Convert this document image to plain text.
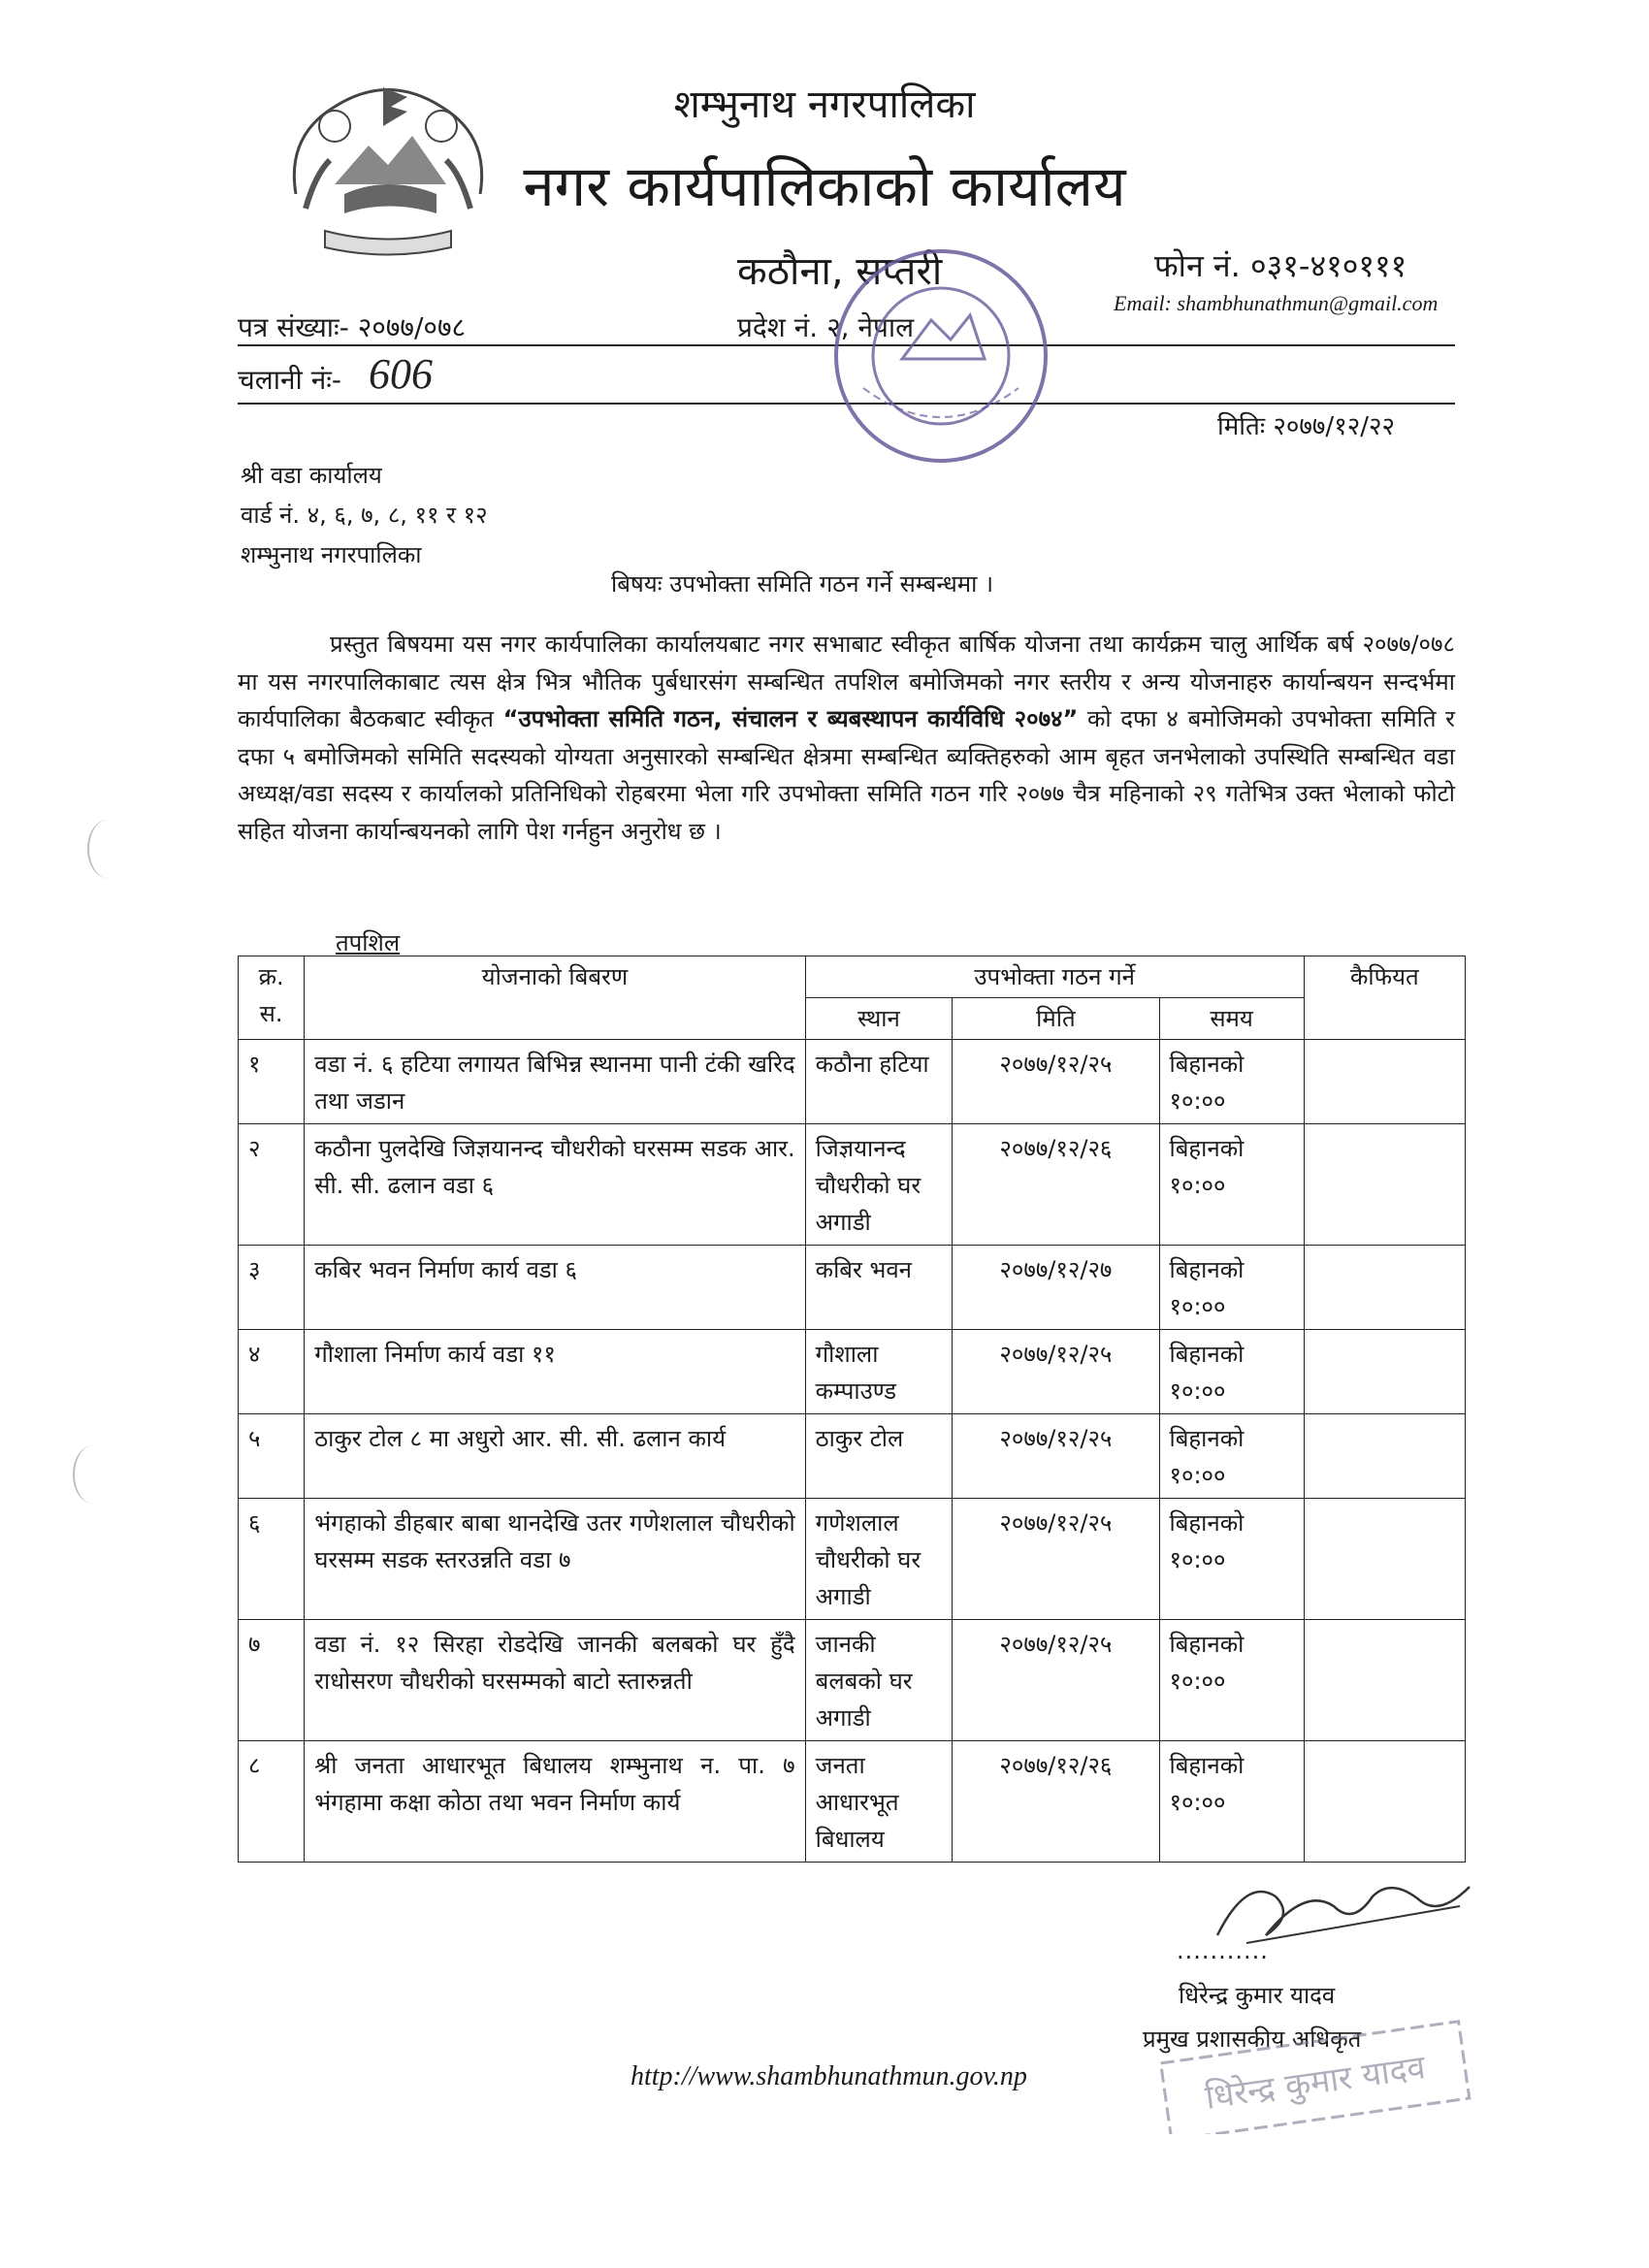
शम्भुनाथ नगरपालिका
नगर कार्यपालिकाको कार्यालय
कठौना, सप्तरी	फोन नं. ०३१-४१०१११
Email: shambhunathmun@gmail.com
पत्र संख्याः- २०७७/०७८	प्रदेश नं. २, नेपाल
चलानी नंः- 606
मितिः २०७७/१२/२२
श्री वडा कार्यालय
वार्ड नं. ४, ६, ७, ८, ११ र १२
शम्भुनाथ नगरपालिका
बिषयः उपभोक्ता समिति गठन गर्ने सम्बन्धमा ।
प्रस्तुत बिषयमा यस नगर कार्यपालिका कार्यालयबाट नगर सभाबाट स्वीकृत बार्षिक योजना तथा कार्यक्रम चालु आर्थिक बर्ष २०७७/०७८ मा यस नगरपालिकाबाट त्यस क्षेत्र भित्र भौतिक पुर्बधारसंग सम्बन्धित तपशिल बमोजिमको नगर स्तरीय र अन्य योजनाहरु कार्यान्बयन सन्दर्भमा कार्यपालिका बैठकबाट स्वीकृत “उपभोक्ता समिति गठन, संचालन र ब्यबस्थापन कार्यविधि २०७४” को दफा ४ बमोजिमको उपभोक्ता समिति र दफा ५ बमोजिमको समिति सदस्यको योग्यता अनुसारको सम्बन्धित क्षेत्रमा सम्बन्धित ब्यक्तिहरुको आम बृहत जनभेलाको उपस्थिति सम्बन्धित वडा अध्यक्ष/वडा सदस्य र कार्यालको प्रतिनिधिको रोहबरमा भेला गरि उपभोक्ता समिति गठन गरि २०७७ चैत्र महिनाको २९ गतेभित्र उक्त भेलाको फोटो सहित योजना कार्यान्बयनको लागि पेश गर्नहुन अनुरोध छ ।
तपशिल
क्र. स.	योजनाको बिबरण	उपभोक्ता गठन गर्ने			कैफियत
		स्थान	मिति	समय	
१	वडा नं. ६ हटिया लगायत बिभिन्न स्थानमा पानी टंकी खरिद तथा जडान	कठौना हटिया	२०७७/१२/२५	बिहानको १०:००	
२	कठौना पुलदेखि जिज्ञयानन्द चौधरीको घरसम्म सडक आर. सी. सी. ढलान वडा ६	जिज्ञयानन्द चौधरीको घर अगाडी	२०७७/१२/२६	बिहानको १०:००	
३	कबिर भवन निर्माण कार्य वडा ६	कबिर भवन	२०७७/१२/२७	बिहानको १०:००	
४	गौशाला निर्माण कार्य वडा ११	गौशाला कम्पाउण्ड	२०७७/१२/२५	बिहानको १०:००	
५	ठाकुर टोल ८ मा अधुरो आर. सी. सी. ढलान कार्य	ठाकुर टोल	२०७७/१२/२५	बिहानको १०:००	
६	भंगहाको डीहबार बाबा थानदेखि उतर गणेशलाल चौधरीको घरसम्म सडक स्तरउन्नति वडा ७	गणेशलाल चौधरीको घर अगाडी	२०७७/१२/२५	बिहानको १०:००	
७	वडा नं. १२ सिरहा रोडदेखि जानकी बलबको घर हुँदै राधोसरण चौधरीको घरसम्मको बाटो स्तारुन्नती	जानकी बलबको घर अगाडी	२०७७/१२/२५	बिहानको १०:००	
८	श्री जनता आधारभूत बिधालय शम्भुनाथ न. पा. ७ भंगहामा कक्षा कोठा तथा भवन निर्माण कार्य	जनता आधारभूत बिधालय	२०७७/१२/२६	बिहानको १०:००	
...........
धिरेन्द्र कुमार यादव
प्रमुख प्रशासकीय अधिकृत
धिरेन्द्र कुमार यादव
http://www.shambhunathmun.gov.np
